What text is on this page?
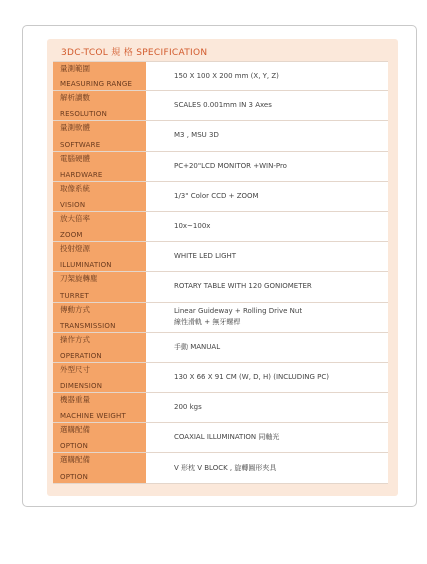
3DC-TCOL 規 格 SPECIFICATION
量測範圍
MEASURING RANGE
150 X 100 X 200 mm (X, Y, Z)
解析讀數
RESOLUTION
SCALES 0.001mm IN 3 Axes
量測軟體
SOFTWARE
M3 , MSU 3D
電腦硬體
HARDWARE
PC+20"LCD MONITOR +WIN-Pro
取像系統
VISION
1/3" Color CCD + ZOOM
放大倍率
ZOOM
10x~100x
投射燈源
ILLUMINATION
WHITE LED LIGHT
刀架旋轉塵
TURRET
ROTARY TABLE WITH 120 GONIOMETER
傳動方式
TRANSMISSION
Linear Guideway + Rolling Drive Nut
線性滑軌 + 無牙螺桿
操作方式
OPERATION
手動 MANUAL
外型尺寸
DIMENSION
130 X 66 X 91 CM (W, D, H) (INCLUDING PC)
機器重量
MACHINE WEIGHT
200 kgs
選購配備
OPTION
COAXIAL ILLUMINATION 同軸光
選購配備
OPTION
V 形枕 V BLOCK , 旋轉圓形夾具
